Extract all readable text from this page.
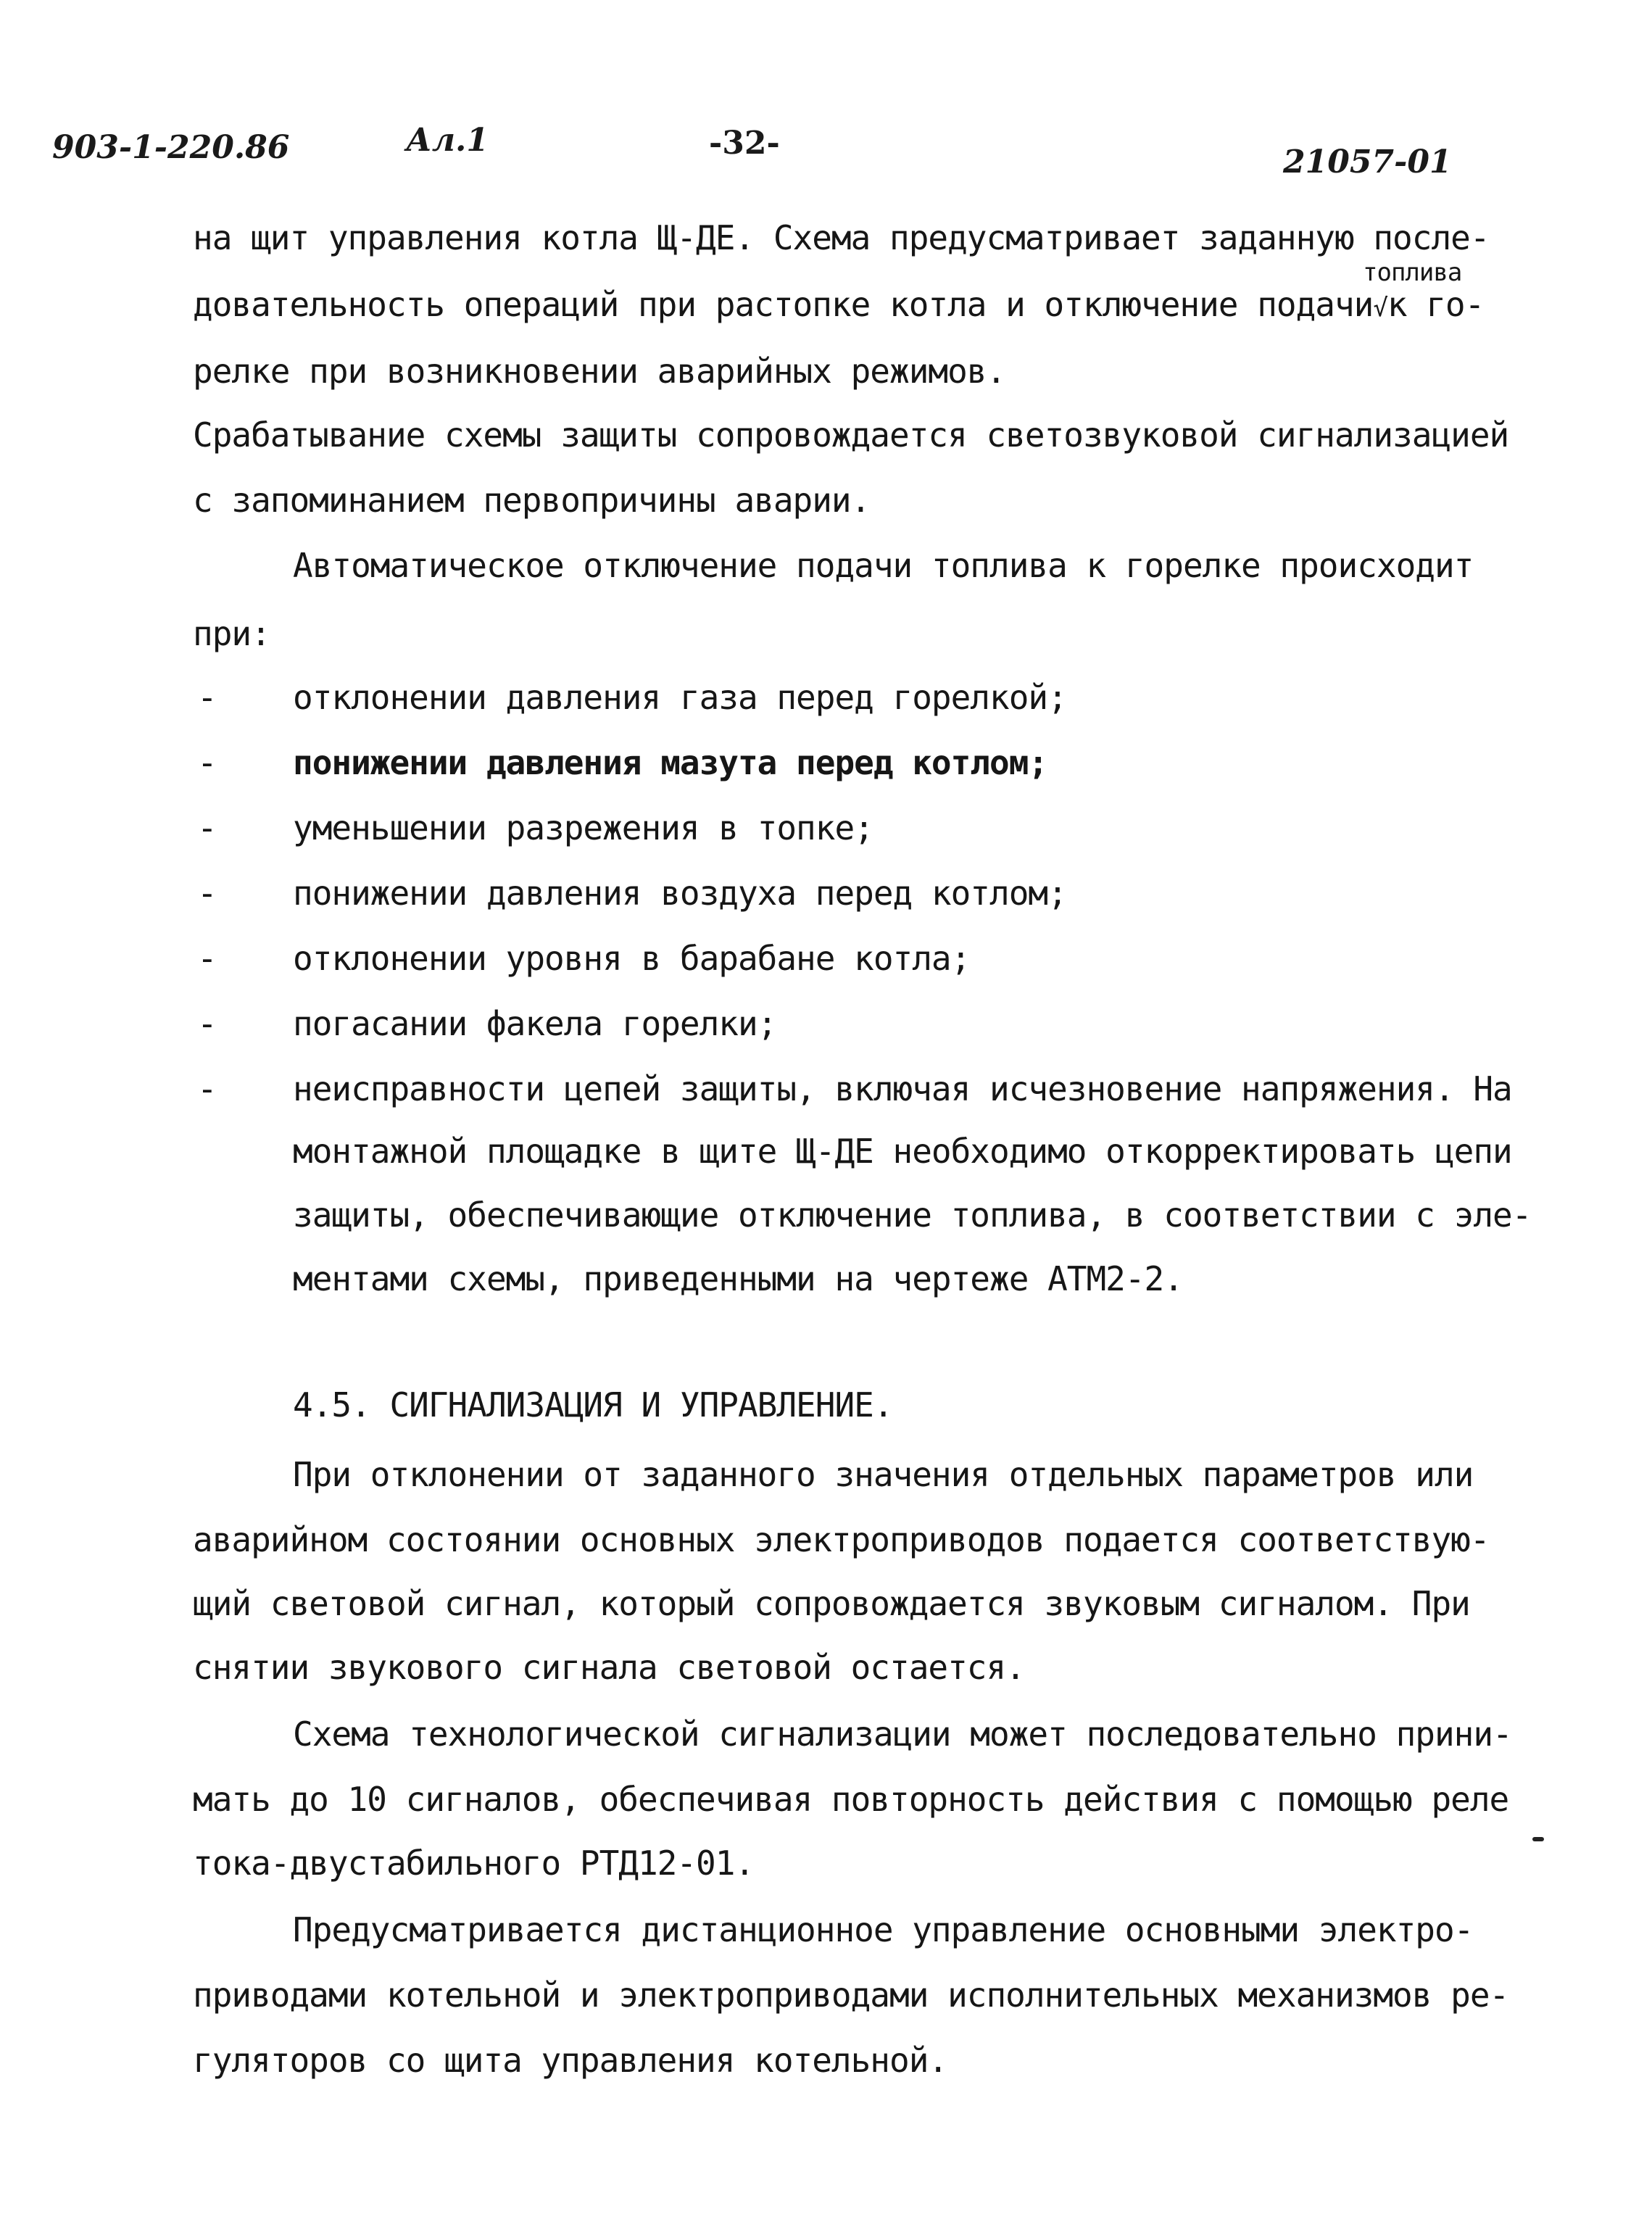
903-1-220.86	Ал.1	-32-
21057-01
на щит управления котла Щ-ДЕ. Схема предусматривает заданную после-
топлива
довательность операций при растопке котла и отключение подачи√к го-
релке при возникновении аварийных режимов.
Срабатывание схемы защиты сопровождается светозвуковой сигнализацией
с запоминанием первопричины аварии.
Автоматическое отключение подачи топлива к горелке происходит
при:
- отклонении давления газа перед горелкой;
- понижении давления мазута перед котлом;
- уменьшении разрежения в топке;
- понижении давления воздуха перед котлом;
- отклонении уровня в барабане котла;
- погасании факела горелки;
- неисправности цепей защиты, включая исчезновение напряжения. На
монтажной площадке в щите Щ-ДЕ необходимо откорректировать цепи
защиты, обеспечивающие отключение топлива, в соответствии с эле-
ментами схемы, приведенными на чертеже АТМ2-2.
4.5. СИГНАЛИЗАЦИЯ И УПРАВЛЕНИЕ.
При отклонении от заданного значения отдельных параметров или
аварийном состоянии основных электроприводов подается соответствую-
щий световой сигнал, который сопровождается звуковым сигналом. При
снятии звукового сигнала световой остается.
Схема технологической сигнализации может последовательно прини-
мать до 10 сигналов, обеспечивая повторность действия с помощью реле
тока-двустабильного РТД12-01.
Предусматривается дистанционное управление основными электро-
приводами котельной и электроприводами исполнительных механизмов ре-
гуляторов со щита управления котельной.
